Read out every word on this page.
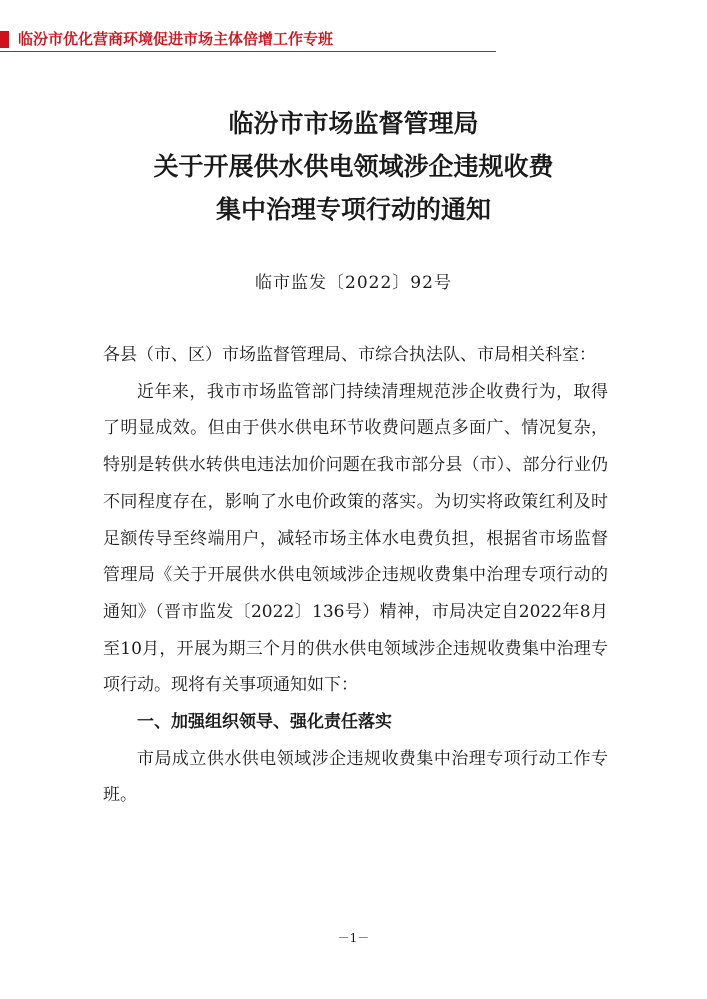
临汾市优化营商环境促进市场主体倍增工作专班
临汾市市场监督管理局
关于开展供水供电领域涉企违规收费
集中治理专项行动的通知
临市监发〔2022〕92号

各县（市、区）市场监督管理局、市综合执法队、市局相关科室：

近年来，我市市场监管部门持续清理规范涉企收费行为，取得了明显成效。但由于供水供电环节收费问题点多面广、情况复杂，特别是转供水转供电违法加价问题在我市部分县（市）、部分行业仍不同程度存在，影响了水电价政策的落实。为切实将政策红利及时足额传导至终端用户，减轻市场主体水电费负担，根据省市场监督管理局《关于开展供水供电领域涉企违规收费集中治理专项行动的通知》（晋市监发〔2022〕136号）精神，市局决定自2022年8月至10月，开展为期三个月的供水供电领域涉企违规收费集中治理专项行动。现将有关事项通知如下：

一、加强组织领导、强化责任落实

市局成立供水供电领域涉企违规收费集中治理专项行动工作专班。

－1－
